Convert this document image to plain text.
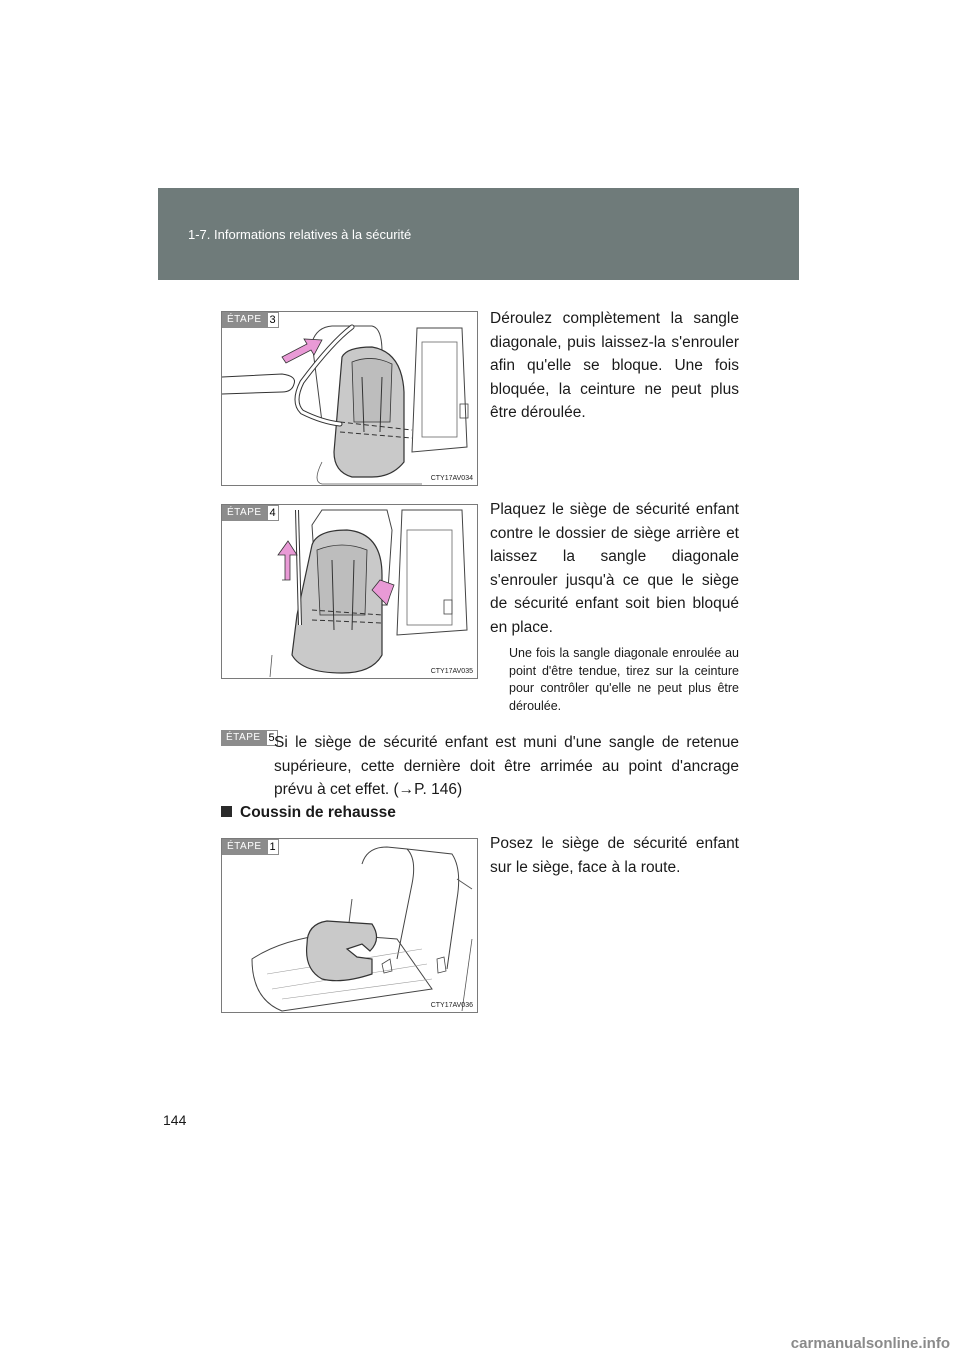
1-7. Informations relatives à la sécurité
ÉTAPE 3
CTY17AV034
Déroulez complètement la sangle diagonale, puis laissez-la s'enrouler afin qu'elle se bloque. Une fois bloquée, la ceinture ne peut plus être déroulée.
ÉTAPE 4
CTY17AV035
Plaquez le siège de sécurité enfant contre le dossier de siège arrière et laissez la sangle diagonale s'enrouler jusqu'à ce que le siège de sécurité enfant soit bien bloqué en place.
Une fois la sangle diagonale enroulée au point d'être tendue, tirez sur la ceinture pour contrôler qu'elle ne peut plus être déroulée.
ÉTAPE 5 Si le siège de sécurité enfant est muni d'une sangle de retenue supérieure, cette dernière doit être arrimée au point d'ancrage prévu à cet effet. (→P. 146)
Coussin de rehausse
ÉTAPE 1
CTY17AV036
Posez le siège de sécurité enfant sur le siège, face à la route.
144
carmanualsonline.info
